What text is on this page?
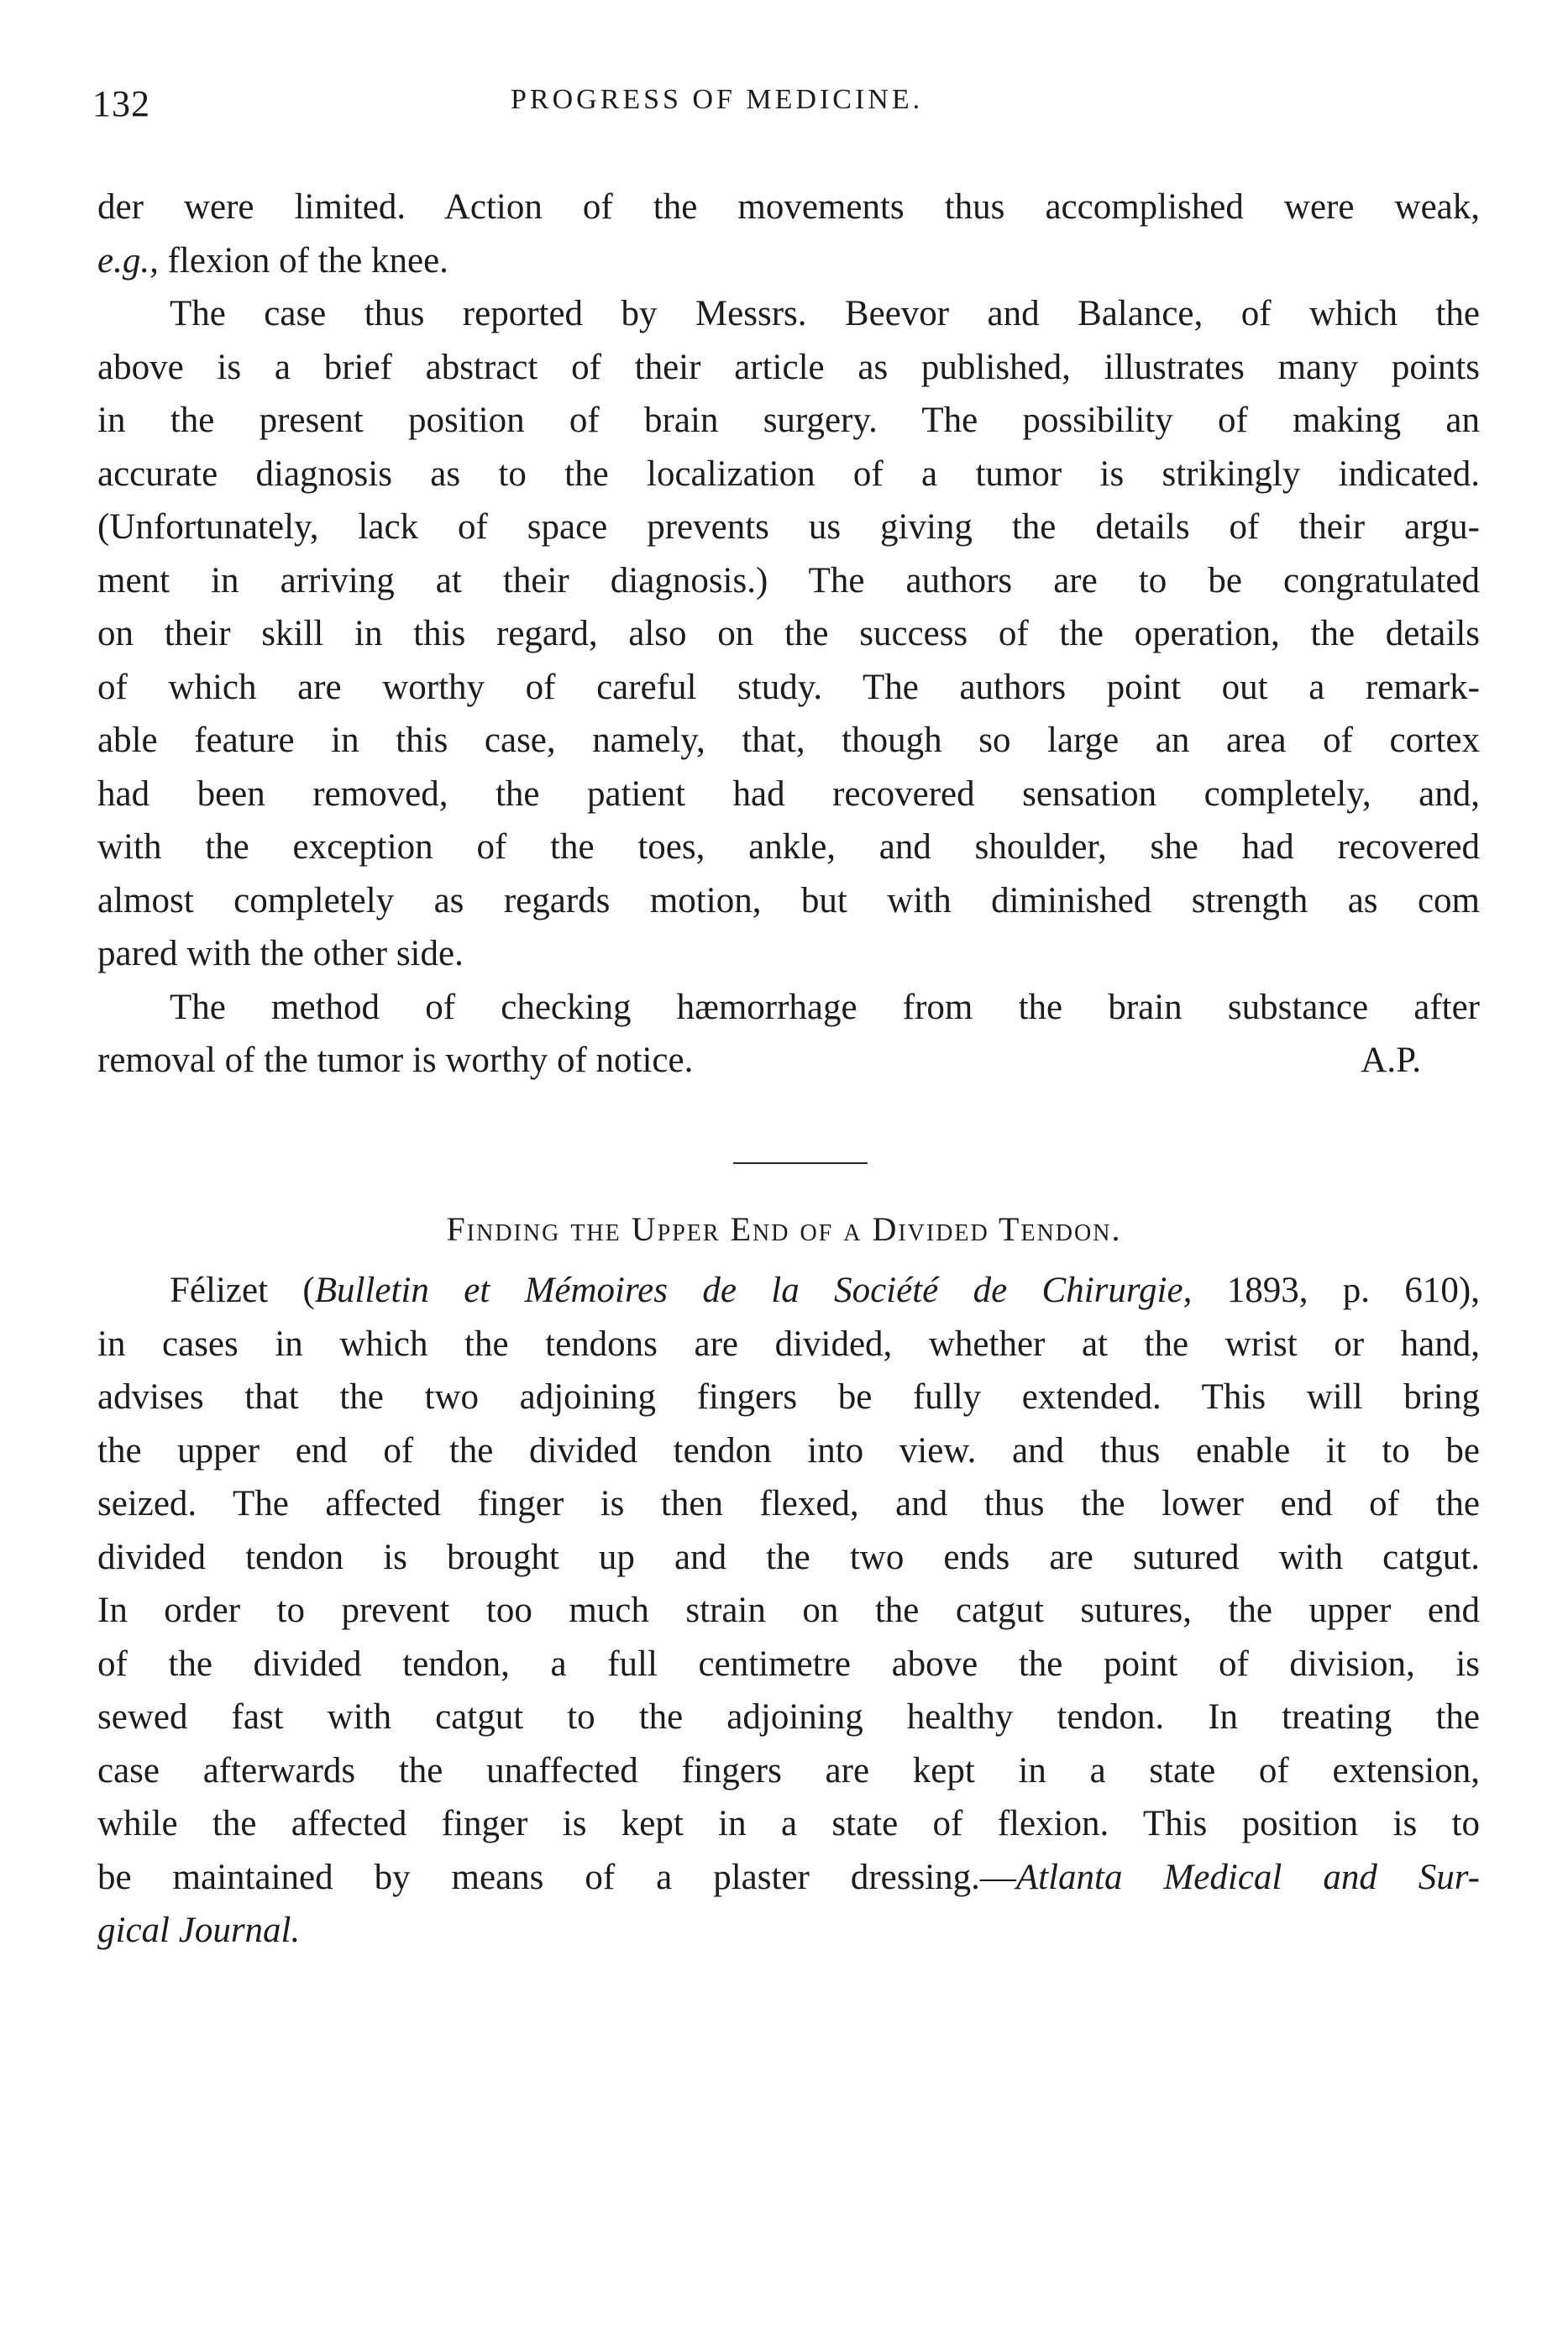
132	PROGRESS OF MEDICINE.
der were limited. Action of the movements thus accomplished were weak,
e.g., flexion of the knee.
The case thus reported by Messrs. Beevor and Balance, of which the
above is a brief abstract of their article as published, illustrates many points
in the present position of brain surgery. The possibility of making an
accurate diagnosis as to the localization of a tumor is strikingly indicated.
(Unfortunately, lack of space prevents us giving the details of their argu-
ment in arriving at their diagnosis.) The authors are to be congratulated
on their skill in this regard, also on the success of the operation, the details
of which are worthy of careful study. The authors point out a remark-
able feature in this case, namely, that, though so large an area of cortex
had been removed, the patient had recovered sensation completely, and,
with the exception of the toes, ankle, and shoulder, she had recovered
almost completely as regards motion, but with diminished strength as com
pared with the other side.
The method of checking hæmorrhage from the brain substance after
removal of the tumor is worthy of notice.	A.P.
Finding the Upper End of a Divided Tendon.
Félizet (Bulletin et Mémoires de la Société de Chirurgie, 1893, p. 610),
in cases in which the tendons are divided, whether at the wrist or hand,
advises that the two adjoining fingers be fully extended. This will bring
the upper end of the divided tendon into view. and thus enable it to be
seized. The affected finger is then flexed, and thus the lower end of the
divided tendon is brought up and the two ends are sutured with catgut.
In order to prevent too much strain on the catgut sutures, the upper end
of the divided tendon, a full centimetre above the point of division, is
sewed fast with catgut to the adjoining healthy tendon. In treating the
case afterwards the unaffected fingers are kept in a state of extension,
while the affected finger is kept in a state of flexion. This position is to
be maintained by means of a plaster dressing.—Atlanta Medical and Sur-
gical Journal.
